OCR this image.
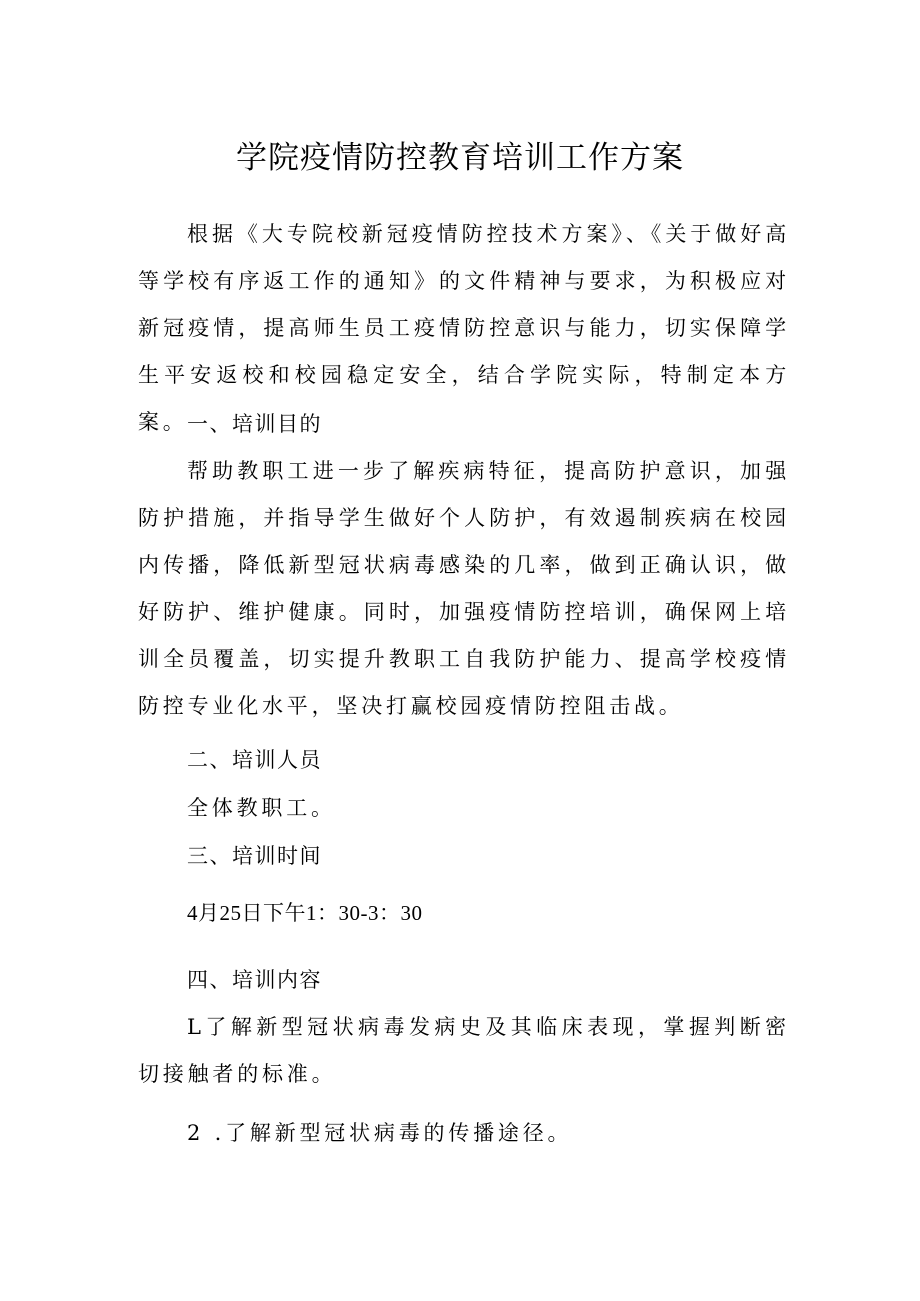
学院疫情防控教育培训工作方案

根据《大专院校新冠疫情防控技术方案》、《关于做好高等学校有序返工作的通知》的文件精神与要求，为积极应对新冠疫情，提高师生员工疫情防控意识与能力，切实保障学生平安返校和校园稳定安全，结合学院实际，特制定本方案。 一、培训目的

帮助教职工进一步了解疾病特征，提高防护意识，加强防护措施，并指导学生做好个人防护，有效遏制疾病在校园内传播，降低新型冠状病毒感染的几率，做到正确认识，做好防护、维护健康。同时，加强疫情防控培训，确保网上培训全员覆盖，切实提升教职工自我防护能力、提高学校疫情防控专业化水平，坚决打赢校园疫情防控阻击战。

二、培训人员

全体教职工。

三、培训时间

4月25日下午1：30-3：30

四、培训内容

L了解新型冠状病毒发病史及其临床表现，掌握判断密切接触者的标准。

2 .了解新型冠状病毒的传播途径。
